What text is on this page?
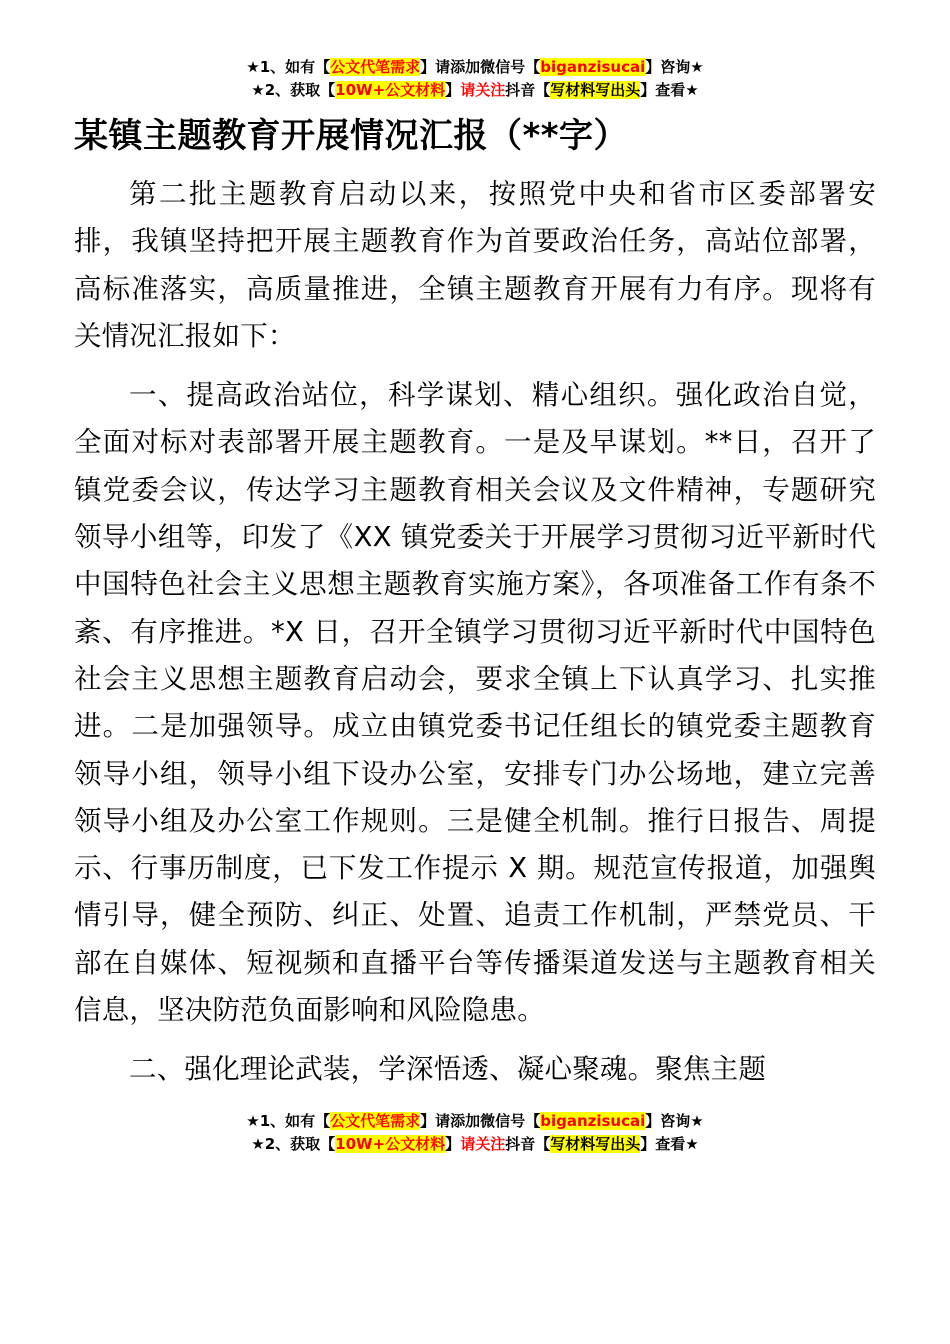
★1、如有【公文代笔需求】请添加微信号【biganzisucai】咨询★
★2、获取【10W+公文材料】请关注抖音【写材料写出头】查看★
某镇主题教育开展情况汇报（**字）

第二批主题教育启动以来，按照党中央和省市区委部署安排，我镇坚持把开展主题教育作为首要政治任务，高站位部署，高标准落实，高质量推进，全镇主题教育开展有力有序。现将有关情况汇报如下：

一、提高政治站位，科学谋划、精心组织。强化政治自觉，全面对标对表部署开展主题教育。一是及早谋划。**日，召开了镇党委会议，传达学习主题教育相关会议及文件精神，专题研究领导小组等，印发了《XX 镇党委关于开展学习贯彻习近平新时代中国特色社会主义思想主题教育实施方案》，各项准备工作有条不紊、有序推进。*X 日，召开全镇学习贯彻习近平新时代中国特色社会主义思想主题教育启动会，要求全镇上下认真学习、扎实推进。二是加强领导。成立由镇党委书记任组长的镇党委主题教育领导小组，领导小组下设办公室，安排专门办公场地，建立完善领导小组及办公室工作规则。三是健全机制。推行日报告、周提示、行事历制度，已下发工作提示 X 期。规范宣传报道，加强舆情引导，健全预防、纠正、处置、追责工作机制，严禁党员、干部在自媒体、短视频和直播平台等传播渠道发送与主题教育相关信息，坚决防范负面影响和风险隐患。

二、强化理论武装，学深悟透、凝心聚魂。聚焦主题

★1、如有【公文代笔需求】请添加微信号【biganzisucai】咨询★
★2、获取【10W+公文材料】请关注抖音【写材料写出头】查看★
